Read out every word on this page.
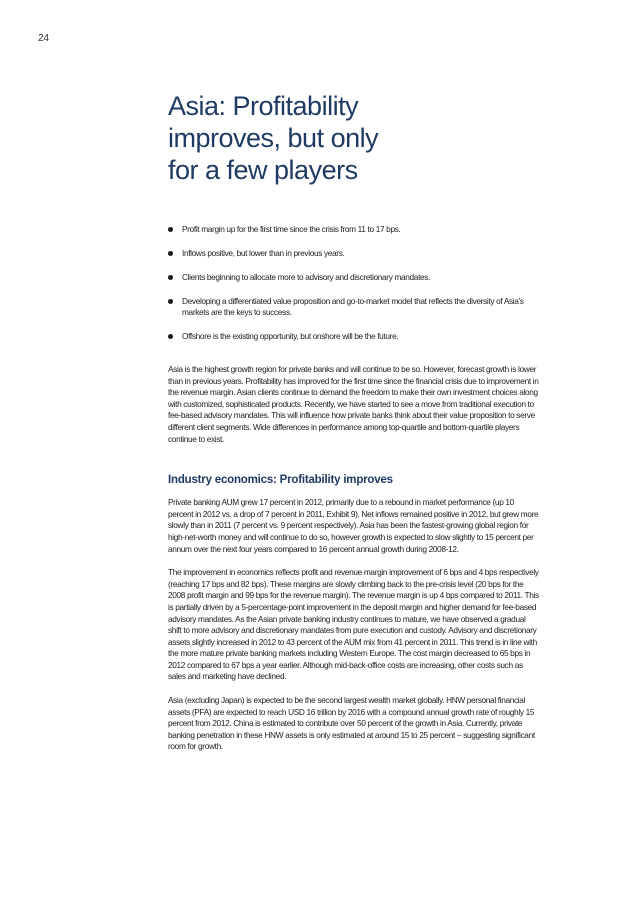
24
Asia: Profitability
improves, but only
for a few players
Profit margin up for the first time since the crisis from 11 to 17 bps.
Inflows positive, but lower than in previous years.
Clients beginning to allocate more to advisory and discretionary mandates.
Developing a differentiated value proposition and go-to-market model that reflects the diversity of Asia's markets are the keys to success.
Offshore is the existing opportunity, but onshore will be the future.

Asia is the highest growth region for private banks and will continue to be so. However, forecast growth is lower than in previous years. Profitability has improved for the first time since the financial crisis due to improvement in the revenue margin. Asian clients continue to demand the freedom to make their own investment choices along with customized, sophisticated products. Recently, we have started to see a move from traditional execution to fee-based advisory mandates. This will influence how private banks think about their value proposition to serve different client segments. Wide differences in performance among top-quartile and bottom-quartile players continue to exist.

Industry economics: Profitability improves

Private banking AUM grew 17 percent in 2012, primarily due to a rebound in market performance (up 10 percent in 2012 vs. a drop of 7 percent in 2011, Exhibit 9). Net inflows remained positive in 2012, but grew more slowly than in 2011 (7 percent vs. 9 percent respectively). Asia has been the fastest-growing global region for high-net-worth money and will continue to do so, however growth is expected to slow slightly to 15 percent per annum over the next four years compared to 16 percent annual growth during 2008-12.

The improvement in economics reflects profit and revenue margin improvement of 6 bps and 4 bps respectively (reaching 17 bps and 82 bps). These margins are slowly climbing back to the pre-crisis level (20 bps for the 2008 profit margin and 99 bps for the revenue margin). The revenue margin is up 4 bps compared to 2011. This is partially driven by a 5-percentage-point improvement in the deposit margin and higher demand for fee-based advisory mandates. As the Asian private banking industry continues to mature, we have observed a gradual shift to more advisory and discretionary mandates from pure execution and custody. Advisory and discretionary assets slightly increased in 2012 to 43 percent of the AUM mix from 41 percent in 2011. This trend is in line with the more mature private banking markets including Western Europe. The cost margin decreased to 65 bps in 2012 compared to 67 bps a year earlier. Although mid-back-office costs are increasing, other costs such as sales and marketing have declined.

Asia (excluding Japan) is expected to be the second largest wealth market globally. HNW personal financial assets (PFA) are expected to reach USD 16 trillion by 2016 with a compound annual growth rate of roughly 15 percent from 2012. China is estimated to contribute over 50 percent of the growth in Asia. Currently, private banking penetration in these HNW assets is only estimated at around 15 to 25 percent – suggesting significant room for growth.
